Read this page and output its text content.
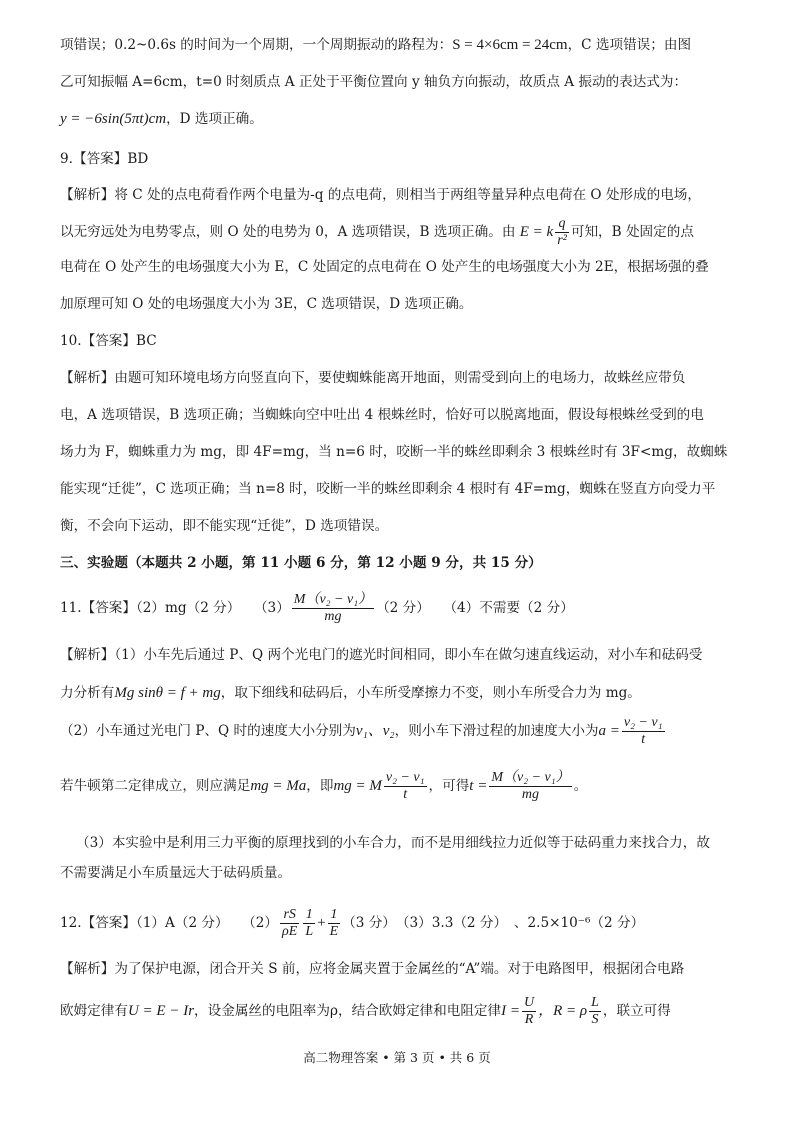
项错误；0.2~0.6s 的时间为一个周期，一个周期振动的路程为：S = 4×6cm = 24cm，C 选项错误；由图
乙可知振幅 A=6cm，t=0 时刻质点 A 正处于平衡位置向 y 轴负方向振动，故质点 A 振动的表达式为：
y = −6sin(5πt)cm，D 选项正确。
9.【答案】BD
【解析】将 C 处的点电荷看作两个电量为-q 的点电荷，则相当于两组等量异种点电荷在 O 处形成的电场，
以无穷远处为电势零点，则 O 处的电势为 0，A 选项错误，B 选项正确。由 E = k $\frac{q}{\text{r²}}$ 可知，B 处固定的点
电荷在 O 处产生的电场强度大小为 E，C 处固定的点电荷在 O 处产生的电场强度大小为 2E，根据场强的叠
加原理可知 O 处的电场强度大小为 3E，C 选项错误，D 选项正确。
10.【答案】BC
【解析】由题可知环境电场方向竖直向下，要使蜘蛛能离开地面，则需受到向上的电场力，故蛛丝应带负
电，A 选项错误，B 选项正确；当蜘蛛向空中吐出 4 根蛛丝时，恰好可以脱离地面，假设每根蛛丝受到的电
场力为 F，蜘蛛重力为 mg，即 4F=mg，当 n=6 时，咬断一半的蛛丝即剩余 3 根蛛丝时有 3F<mg，故蜘蛛
能实现“迁徙”，C 选项正确；当 n=8 时，咬断一半的蛛丝即剩余 4 根时有 4F=mg，蜘蛛在竖直方向受力平
衡，不会向下运动，即不能实现“迁徙”，D 选项错误。
三、实验题（本题共 2 小题，第 11 小题 6 分，第 12 小题 9 分，共 15 分）
11.【答案】（2）mg（2 分）　　$(3) \frac{\text{M（v₂ − v₁）}}{mg} (2$ 分）　　（4）不需要（2 分）
【解析】（1）小车先后通过 P、Q 两个光电门的遮光时间相同，即小车在做匀速直线运动，对小车和砝码受
力分析有Mg sinθ = f + mg，取下细线和砝码后，小车所受摩擦力不变，则小车所受合力为 mg。
（2）小车通过光电门 P、Q 时的速度大小分别为v₁、v₂，则小车下滑过程的加速度大小为$a = \frac{\text{v₂ − v₁}}{t}$
若牛顿第二定律成立，则应满足mg = Ma，即mg = M $\frac{\text{v₂ − v₁}}{t}$ ，可得$t = \frac{\text{M（v₂ − v₁）}}{mg}$ 。
（3）本实验中是利用三力平衡的原理找到的小车合力，而不是用细线拉力近似等于砝码重力来找合力，故
不需要满足小车质量远大于砝码质量。
12.【答案】（1）A（2 分）　　$(2) \frac{rS}{\rho E} \frac{1}{L} + \frac{1}{E} (3$ 分）　（3）3.3（2 分）　、2.5×10⁻⁶（2 分）
【解析】为了保护电源，闭合开关 S 前，应将金属夹置于金属丝的“A”端。对于电路图甲，根据闭合电路
欧姆定律有U = E − Ir，设金属丝的电阻率为ρ，结合欧姆定律和电阻定律$I = \frac{U}{R}$ ，R = ρ $\frac{L}{S}$ ，联立可得
高二物理答案 • 第 3 页 • 共 6 页
